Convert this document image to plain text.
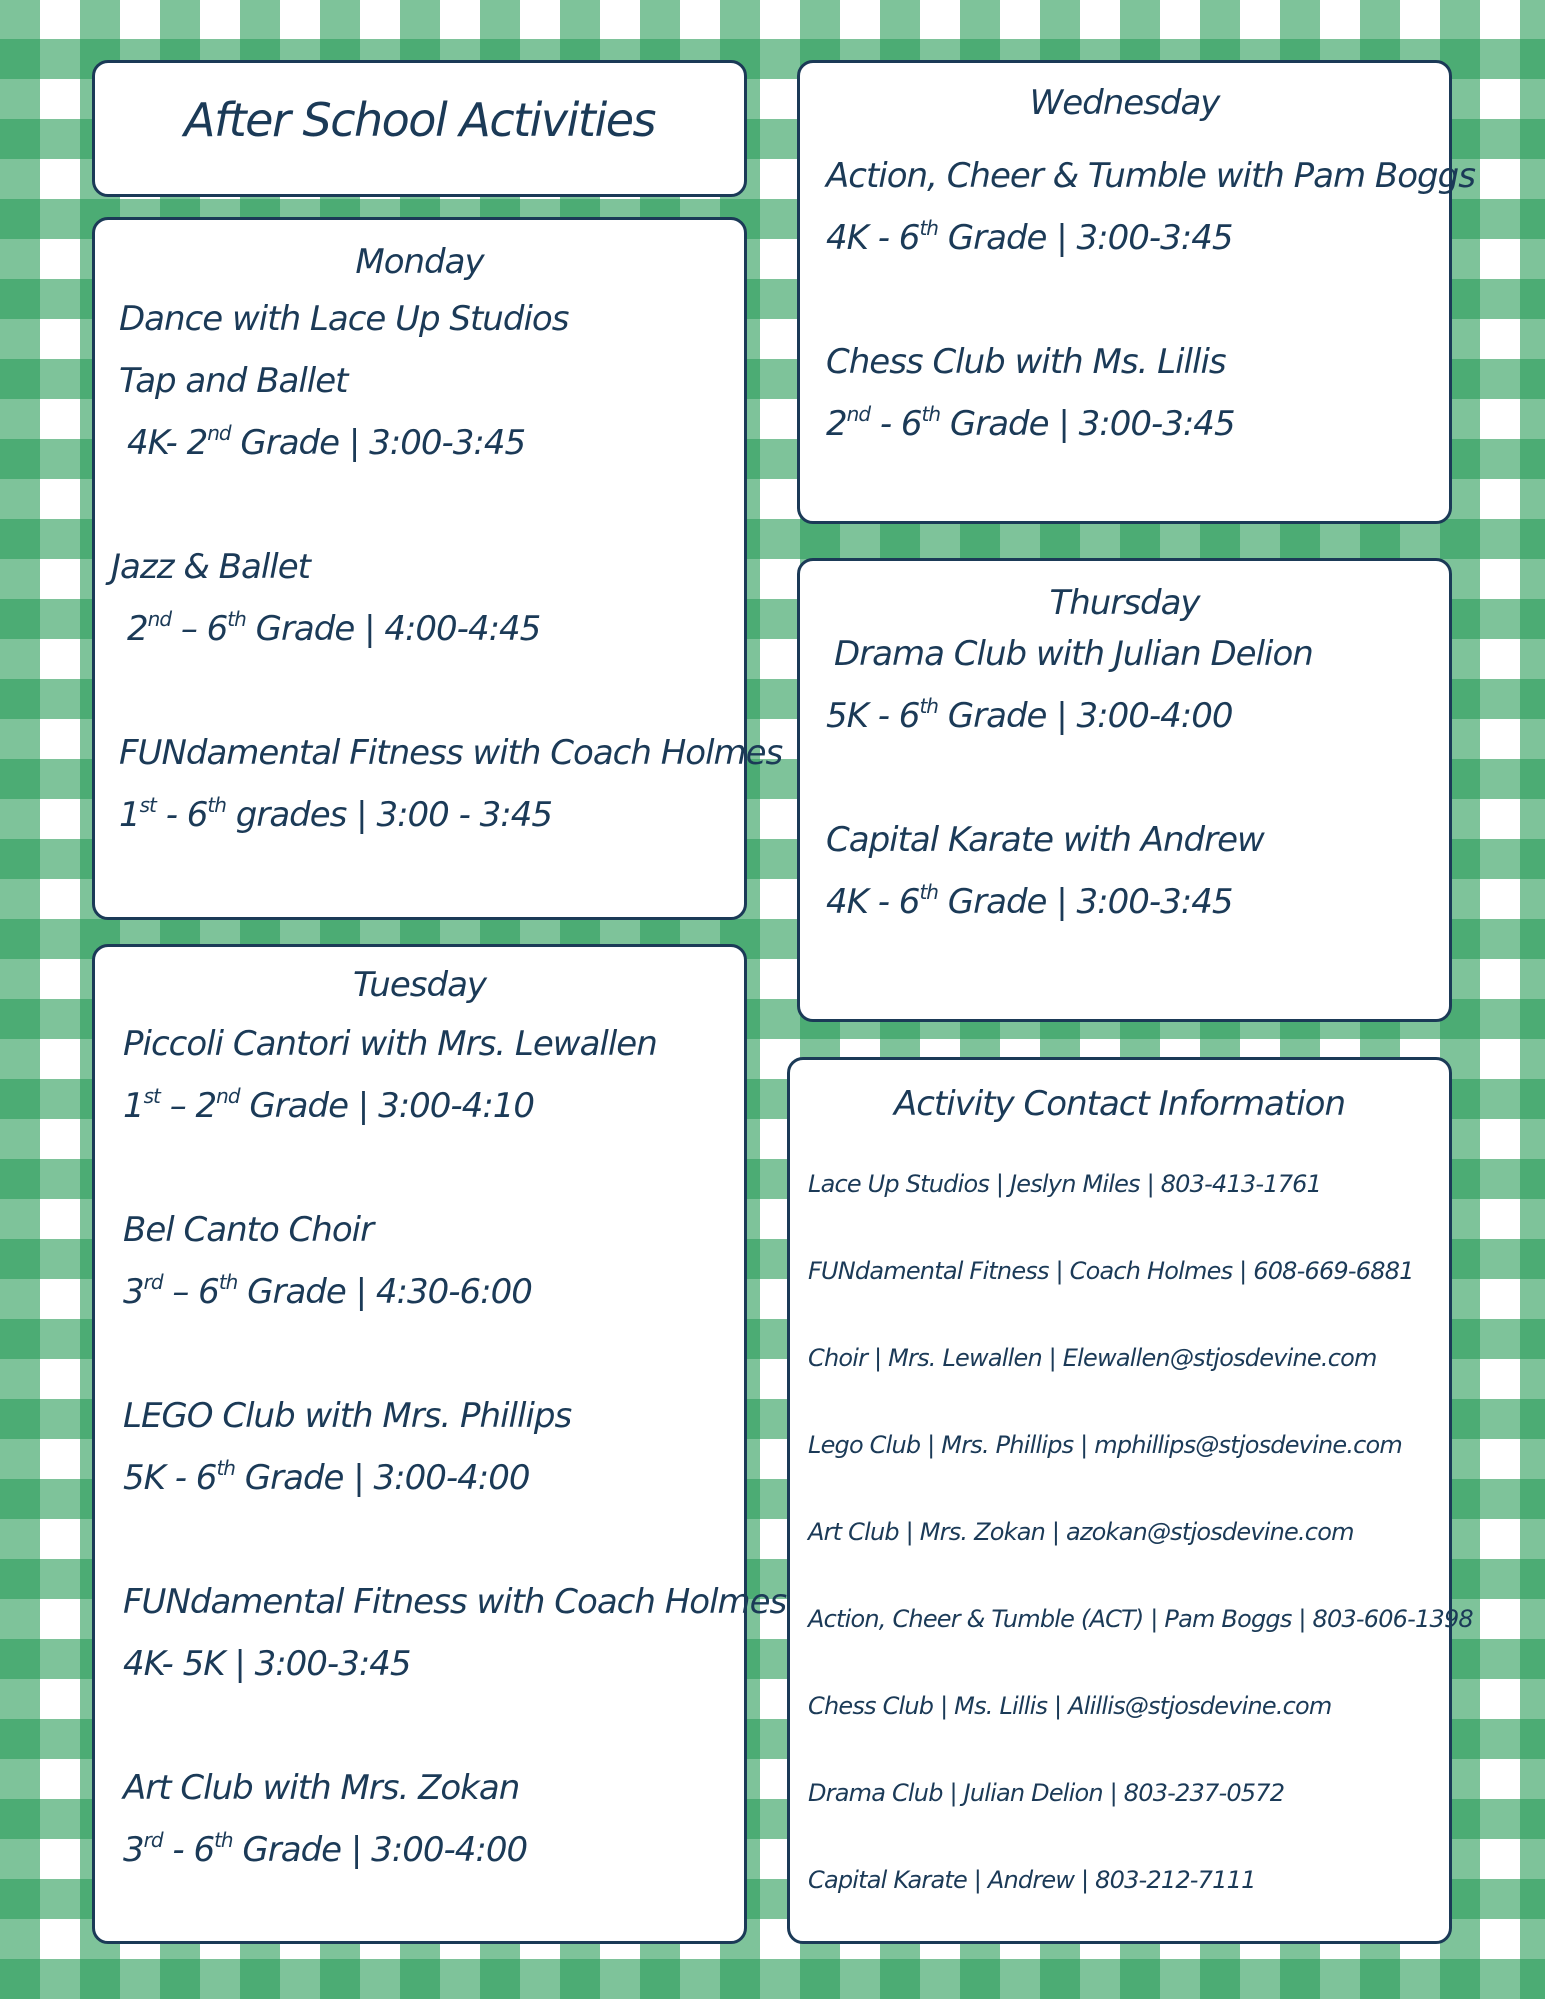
After School Activities
Monday
Dance with Lace Up Studios
Tap and Ballet
4K- 2nd Grade | 3:00-3:45
Jazz & Ballet
2nd – 6th Grade | 4:00-4:45
FUNdamental Fitness with Coach Holmes
1st - 6th grades | 3:00 - 3:45
Tuesday
Piccoli Cantori with Mrs. Lewallen
1st – 2nd Grade | 3:00-4:10
Bel Canto Choir
3rd – 6th Grade | 4:30-6:00
LEGO Club with Mrs. Phillips
5K - 6th Grade | 3:00-4:00
FUNdamental Fitness with Coach Holmes
4K- 5K | 3:00-3:45
Art Club with Mrs. Zokan
3rd - 6th Grade | 3:00-4:00
Wednesday
Action, Cheer & Tumble with Pam Boggs
4K - 6th Grade | 3:00-3:45
Chess Club with Ms. Lillis
2nd - 6th Grade | 3:00-3:45
Thursday
Drama Club with Julian Delion
5K - 6th Grade | 3:00-4:00
Capital Karate with Andrew
4K - 6th Grade | 3:00-3:45
Activity Contact Information
Lace Up Studios | Jeslyn Miles | 803-413-1761
FUNdamental Fitness | Coach Holmes | 608-669-6881
Choir | Mrs. Lewallen | Elewallen@stjosdevine.com
Lego Club | Mrs. Phillips | mphillips@stjosdevine.com
Art Club | Mrs. Zokan | azokan@stjosdevine.com
Action, Cheer & Tumble (ACT) | Pam Boggs | 803-606-1398
Chess Club | Ms. Lillis | Alillis@stjosdevine.com
Drama Club | Julian Delion | 803-237-0572
Capital Karate | Andrew | 803-212-7111
